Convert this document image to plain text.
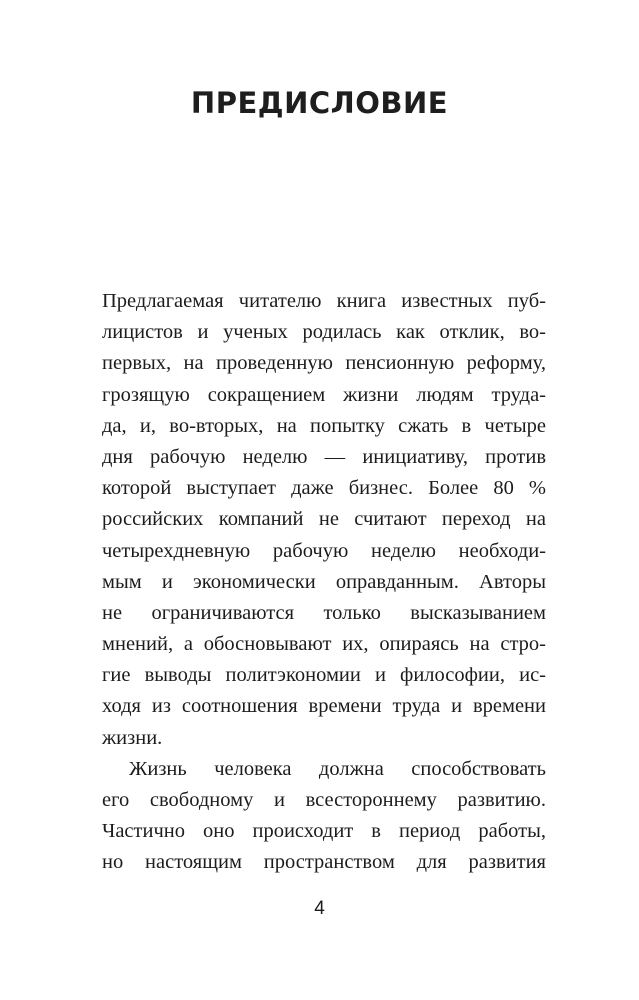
ПРЕДИСЛОВИЕ
Предлагаемая читателю книга известных пуб-
лицистов и ученых родилась как отклик, во-
первых, на проведенную пенсионную реформу,
грозящую сокращением жизни людям труда-
да, и, во-вторых, на попытку сжать в четыре
дня рабочую неделю — инициативу, против
которой выступает даже бизнес. Более 80 %
российских компаний не считают переход на
четырехдневную рабочую неделю необходи-
мым и экономически оправданным. Авторы
не ограничиваются только высказыванием
мнений, а обосновывают их, опираясь на стро-
гие выводы политэкономии и философии, ис-
ходя из соотношения времени труда и времени
жизни.
Жизнь человека должна способствовать
его свободному и всестороннему развитию.
Частично оно происходит в период работы,
но настоящим пространством для развития
4
